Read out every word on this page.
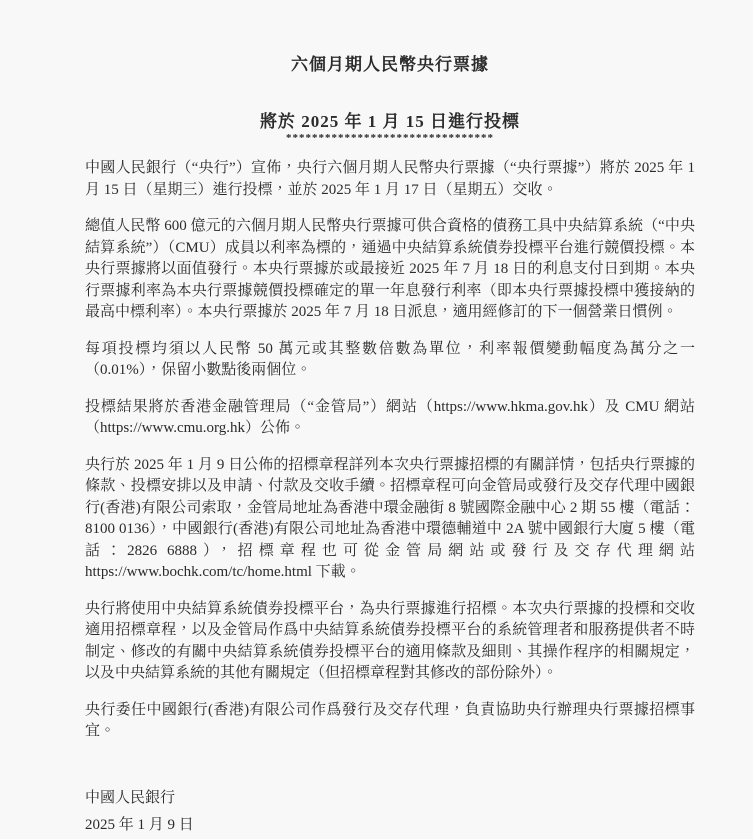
六個月期人民幣央行票據
將於 2025 年 1 月 15 日進行投標
********************************

中國人民銀行（“央行”）宣佈，央行六個月期人民幣央行票據（“央行票據”）將於 2025 年 1 月 15 日（星期三）進行投標，並於 2025 年 1 月 17 日（星期五）交收。

總值人民幣 600 億元的六個月期人民幣央行票據可供合資格的債務工具中央結算系統（“中央結算系統”）（CMU）成員以利率為標的，通過中央結算系統債券投標平台進行競價投標。本央行票據將以面值發行。本央行票據於或最接近 2025 年 7 月 18 日的利息支付日到期。本央行票據利率為本央行票據競價投標確定的單一年息發行利率（即本央行票據投標中獲接納的最高中標利率）。本央行票據於 2025 年 7 月 18 日派息，適用經修訂的下一個營業日慣例。

每項投標均須以人民幣 50 萬元或其整數倍數為單位，利率報價變動幅度為萬分之一（0.01%），保留小數點後兩個位。

投標結果將於香港金融管理局（“金管局”）網站（https://www.hkma.gov.hk）及 CMU 網站（https://www.cmu.org.hk）公佈。

央行於 2025 年 1 月 9 日公佈的招標章程詳列本次央行票據招標的有關詳情，包括央行票據的條款、投標安排以及申請、付款及交收手續。招標章程可向金管局或發行及交存代理中國銀行(香港)有限公司索取，金管局地址為香港中環金融街 8 號國際金融中心 2 期 55 樓（電話：8100 0136），中國銀行(香港)有限公司地址為香港中環德輔道中 2A 號中國銀行大廈 5 樓（電話：2826 6888），招標章程也可從金管局網站或發行及交存代理網站 https://www.bochk.com/tc/home.html 下載。

央行將使用中央結算系統債券投標平台，為央行票據進行招標。本次央行票據的投標和交收適用招標章程，以及金管局作爲中央結算系統債券投標平台的系統管理者和服務提供者不時制定、修改的有關中央結算系統債券投標平台的適用條款及細則、其操作程序的相關規定，以及中央結算系統的其他有關規定（但招標章程對其修改的部份除外）。

央行委任中國銀行(香港)有限公司作爲發行及交存代理，負責協助央行辦理央行票據招標事宜。

中國人民銀行
2025 年 1 月 9 日
